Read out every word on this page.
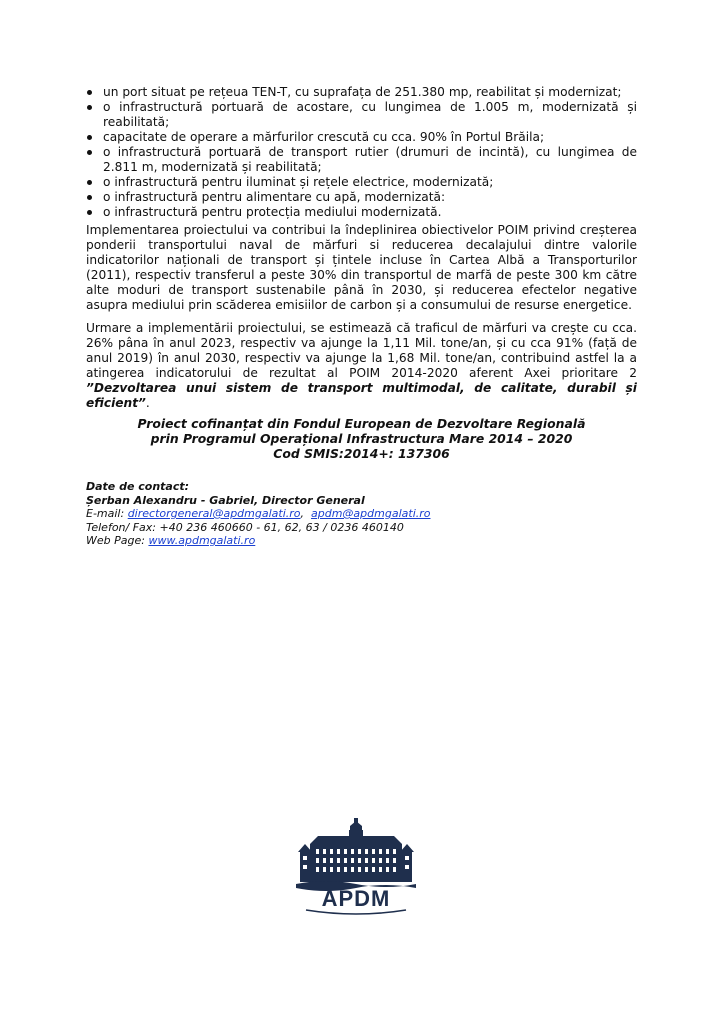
un port situat pe rețeua TEN-T, cu suprafața de 251.380 mp, reabilitat și modernizat;
o infrastructură portuară de acostare, cu lungimea de 1.005 m, modernizată și reabilitată;
capacitate de operare a mărfurilor crescută cu cca. 90% în Portul Brăila;
o infrastructură portuară de transport rutier (drumuri de incintă), cu lungimea de 2.811 m, modernizată și reabilitată;
o infrastructură pentru iluminat și rețele electrice, modernizată;
o infrastructură pentru alimentare cu apă, modernizată:
o infrastructură pentru protecția mediului modernizată.

Implementarea proiectului va contribui la îndeplinirea obiectivelor POIM privind creșterea ponderii transportului naval de mărfuri si reducerea decalajului dintre valorile indicatorilor naționali de transport și țintele incluse în Cartea Albă a Transporturilor (2011), respectiv transferul a peste 30% din transportul de marfă de peste 300 km către alte moduri de transport sustenabile până în 2030, și reducerea efectelor negative asupra mediului prin scăderea emisiilor de carbon și a consumului de resurse energetice.

Urmare a implementării proiectului, se estimează că traficul de mărfuri va crește cu cca. 26% pâna în anul 2023, respectiv va ajunge la 1,11 Mil. tone/an, și cu cca 91% (față de anul 2019) în anul 2030, respectiv va ajunge la 1,68 Mil. tone/an, contribuind astfel la a atingerea indicatorului de rezultat al POIM 2014-2020 aferent Axei prioritare 2 ”Dezvoltarea unui sistem de transport multimodal, de calitate, durabil și eficient”.

Proiect cofinanțat din Fondul European de Dezvoltare Regională
prin Programul Operațional Infrastructura Mare 2014 – 2020
Cod SMIS:2014+: 137306
Date de contact:
Șerban Alexandru - Gabriel, Director General
E-mail: directorgeneral@apdmgalati.ro,  apdm@apdmgalati.ro
Telefon/ Fax: +40 236 460660 - 61, 62, 63 / 0236 460140
Web Page: www.apdmgalati.ro
APDM
